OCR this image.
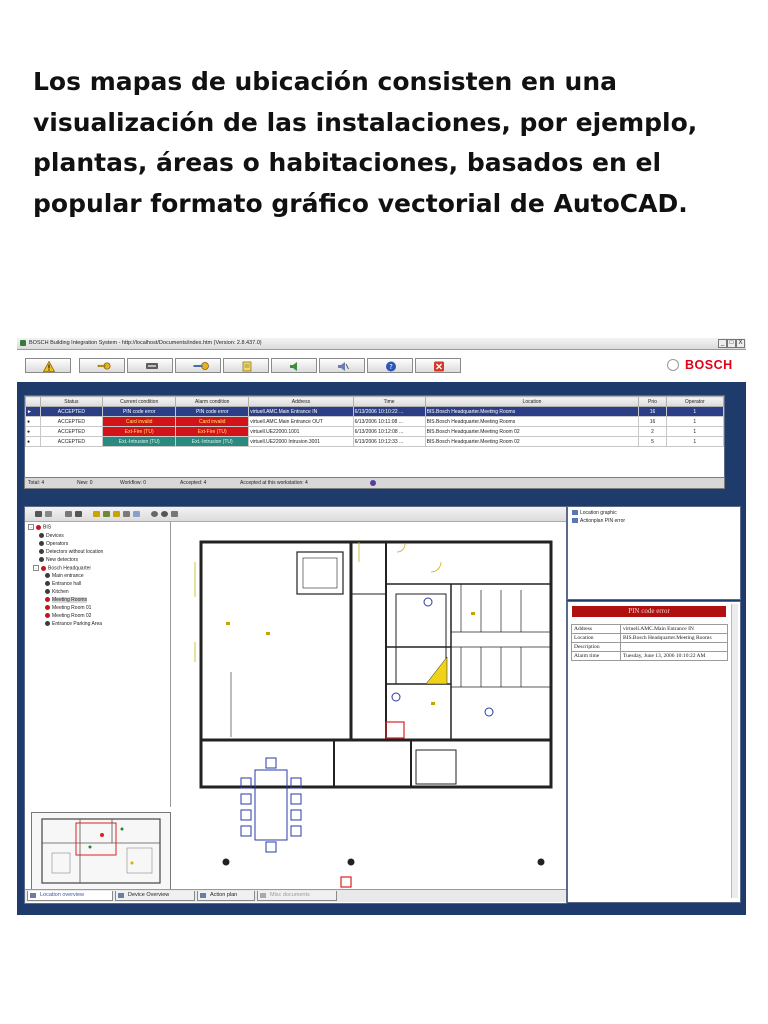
Los mapas de ubicación consisten en una visualización de las instalaciones, por ejemplo, plantas, áreas o habitaciones, basados en el popular formato gráfico vectorial de AutoCAD.

BOSCH Building Integration System - http://localhost/Documents/index.htm (Version: 2.8.437.0)	_ □ X
?	BOSCH
	Status	Current condition	Alarm condition	Address	Time	Location	Prio	Operator
►	ACCEPTED	PIN code error	PIN code error	virtuell.AMC.Main Entrance IN	6/13/2006 10:10:22 ...	BIS.Bosch Headquarter.Meeting Rooms	16	1
●	ACCEPTED	Card invalid	Card invalid	virtuell.AMC.Main Entrance OUT	6/13/2006 10:11:08 ...	BIS.Bosch Headquarter.Meeting Rooms	16	1
●	ACCEPTED	Ext-Fire (TU)	Ext-Fire (TU)	virtuell.UE22000.1001	6/13/2006 10:12:08 ...	BIS.Bosch Headquarter.Meeting Room 02	2	1
●	ACCEPTED	Ext.-Intrusion (TU)	Ext.-Intrusion (TU)	virtuell.UE22000 Intrusion.3001	6/13/2006 10:12:33 ...	BIS.Bosch Headquarter.Meeting Room 02	5	1
Total: 4	New: 0	Workflow: 0	Accepted: 4	Accepted at this workstation: 4
- BIS
Devices
Operators
Detectors without location
New detectors
- Bosch Headquarter
Main entrance
Entrance hall
Kitchen
Meeting Rooms
Meeting Room 01
Meeting Room 02
Entrance Parking Area
Location overview	Device Overview	Action plan	Misc documents
Location graphic
Actionplan PIN error
PIN code error
Address	virtuell.AMC.Main Entrance IN
Location	BIS.Bosch Headquarter.Meeting Rooms
Description	
Alarm time	Tuesday, June 13, 2006 10:10:22 AM
